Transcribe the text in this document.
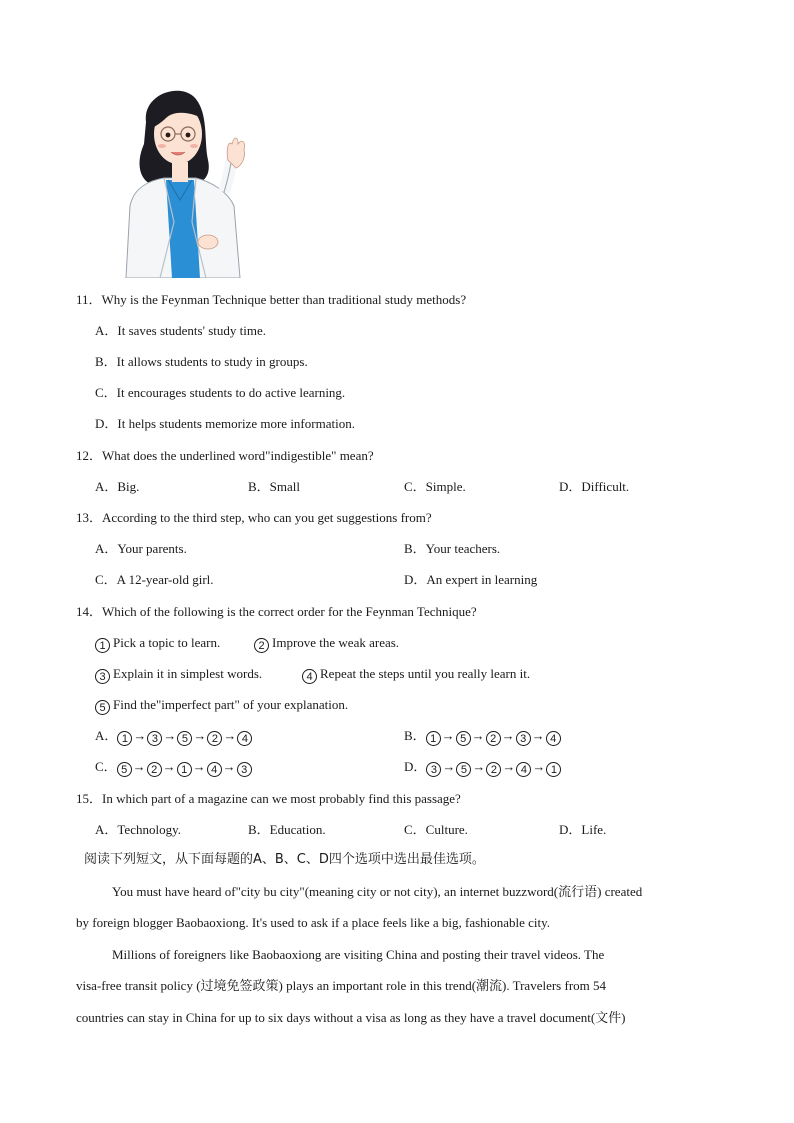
11．Why is the Feynman Technique better than traditional study methods?
A．It saves students' study time.
B．It allows students to study in groups.
C．It encourages students to do active learning.
D．It helps students memorize more information.
12．What does the underlined word"indigestible" mean?
A．Big.	B．Small	C．Simple.	D．Difficult.
13．According to the third step, who can you get suggestions from?
A．Your parents.	B．Your teachers.
C．A 12-year-old girl.	D．An expert in learning
14．Which of the following is the correct order for the Feynman Technique?
1 Pick a topic to learn.	2 Improve the weak areas.
3 Explain it in simplest words.	4 Repeat the steps until you really learn it.
5 Find the"imperfect part" of your explanation.
A． 1 → 3 → 5 → 2 → 4	B． 1 → 5 → 2 → 3 → 4
C． 5 → 2 → 1 → 4 → 3	D． 3 → 5 → 2 → 4 → 1
15．In which part of a magazine can we most probably find this passage?
A．Technology.	B．Education.	C．Culture.	D．Life.
阅读下列短文，从下面每题的A、B、C、D四个选项中选出最佳选项。
You must have heard of"city bu city"(meaning city or not city), an internet buzzword(流行语) created
by foreign blogger Baobaoxiong. It's used to ask if a place feels like a big, fashionable city.
Millions of foreigners like Baobaoxiong are visiting China and posting their travel videos. The
visa-free transit policy (过境免签政策) plays an important role in this trend(潮流). Travelers from 54
countries can stay in China for up to six days without a visa as long as they have a travel document(文件)
